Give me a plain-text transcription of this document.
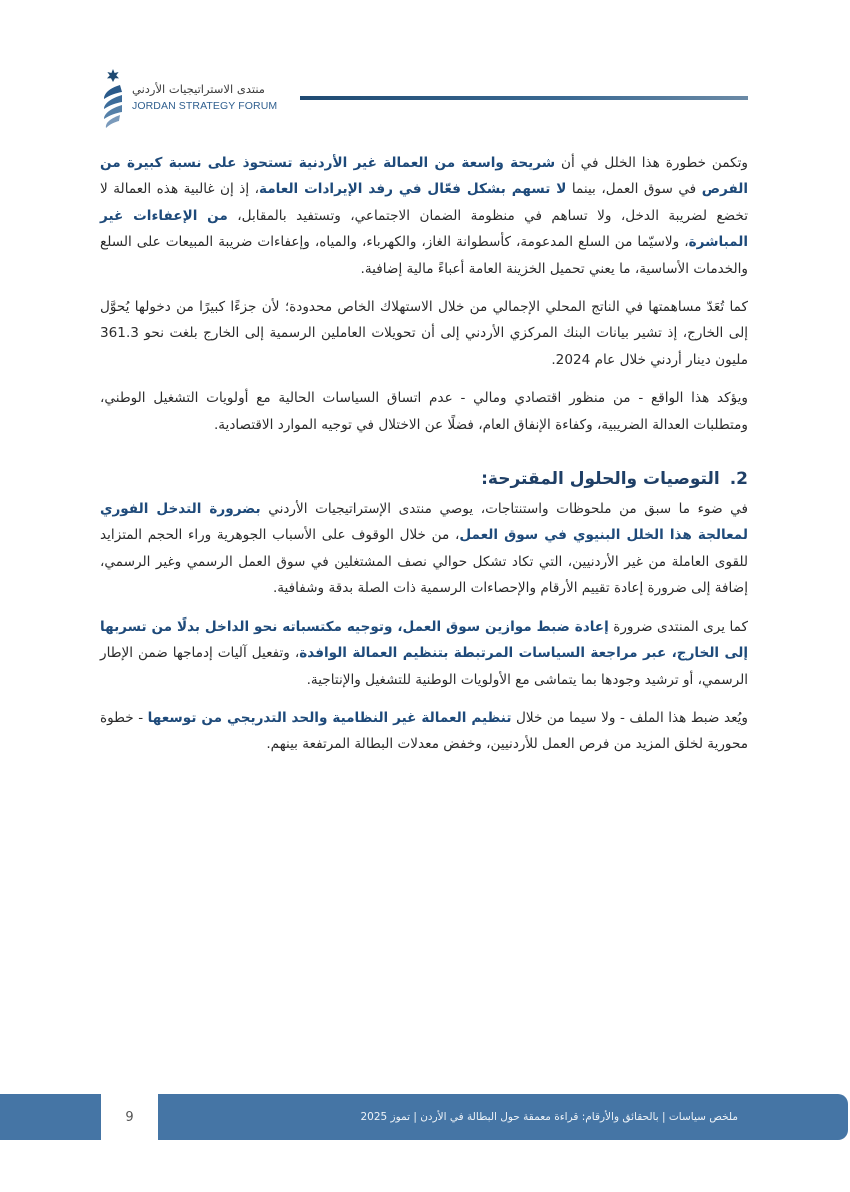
منتدى الاستراتيجيات الأردني
JORDAN STRATEGY FORUM

وتكمن خطورة هذا الخلل في أن شريحة واسعة من العمالة غير الأردنية تستحوذ على نسبة كبيرة من الفرص في سوق العمل، بينما لا تسهم بشكل فعّال في رفد الإيرادات العامة، إذ إن غالبية هذه العمالة لا تخضع لضريبة الدخل، ولا تساهم في منظومة الضمان الاجتماعي، وتستفيد بالمقابل، من الإعفاءات غير المباشرة، ولاسيّما من السلع المدعومة، كأسطوانة الغاز، والكهرباء، والمياه، وإعفاءات ضريبة المبيعات على السلع والخدمات الأساسية، ما يعني تحميل الخزينة العامة أعباءً مالية إضافية.

كما تُعَدّ مساهمتها في الناتج المحلي الإجمالي من خلال الاستهلاك الخاص محدودة؛ لأن جزءًا كبيرًا من دخولها يُحوَّل إلى الخارج، إذ تشير بيانات البنك المركزي الأردني إلى أن تحويلات العاملين الرسمية إلى الخارج بلغت نحو 361.3 مليون دينار أردني خلال عام 2024.

ويؤكد هذا الواقع - من منظور اقتصادي ومالي - عدم اتساق السياسات الحالية مع أولويات التشغيل الوطني، ومتطلبات العدالة الضريبية، وكفاءة الإنفاق العام، فضلًا عن الاختلال في توجيه الموارد الاقتصادية.

2.التوصيات والحلول المقترحة:

في ضوء ما سبق من ملحوظات واستنتاجات، يوصي منتدى الإستراتيجيات الأردني بضرورة التدخل الفوري لمعالجة هذا الخلل البنيوي في سوق العمل، من خلال الوقوف على الأسباب الجوهرية وراء الحجم المتزايد للقوى العاملة من غير الأردنيين، التي تكاد تشكل حوالي نصف المشتغلين في سوق العمل الرسمي وغير الرسمي، إضافة إلى ضرورة إعادة تقييم الأرقام والإحصاءات الرسمية ذات الصلة بدقة وشفافية.

كما يرى المنتدى ضرورة إعادة ضبط موازين سوق العمل، وتوجيه مكتسباته نحو الداخل بدلًا من تسربها إلى الخارج، عبر مراجعة السياسات المرتبطة بتنظيم العمالة الوافدة، وتفعيل آليات إدماجها ضمن الإطار الرسمي، أو ترشيد وجودها بما يتماشى مع الأولويات الوطنية للتشغيل والإنتاجية.

ويُعد ضبط هذا الملف - ولا سيما من خلال تنظيم العمالة غير النظامية والحد التدريجي من توسعها - خطوة محورية لخلق المزيد من فرص العمل للأردنيين، وخفض معدلات البطالة المرتفعة بينهم.

9	ملخص سياسات | بالحقائق والأرقام: قراءة معمقة حول البطالة في الأردن | تموز 2025
